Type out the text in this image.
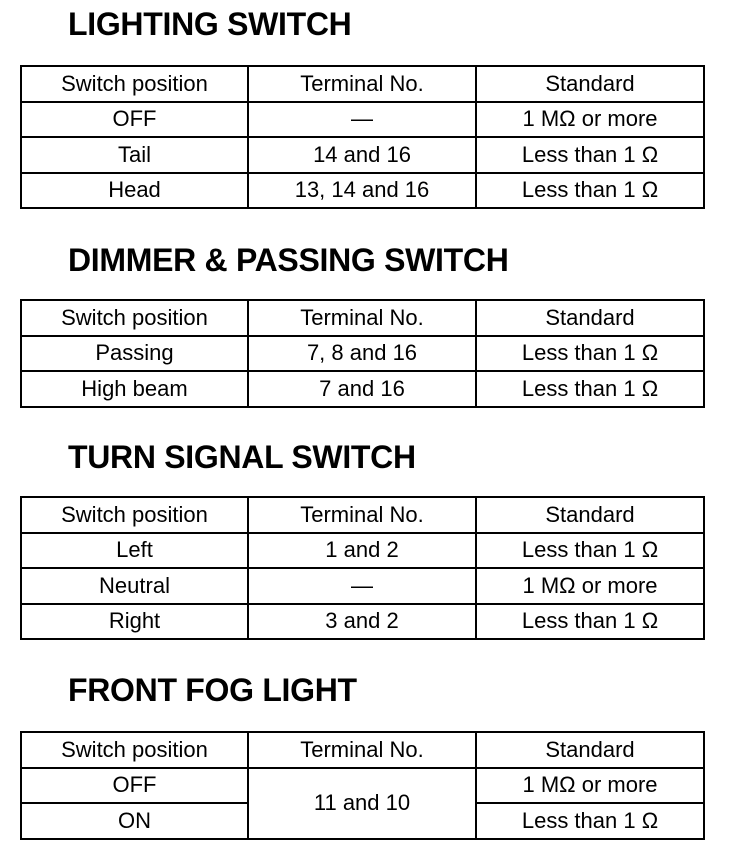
LIGHTING SWITCH
Switch position	Terminal No.	Standard
OFF	—	1 MΩ or more
Tail	14 and 16	Less than 1 Ω
Head	13, 14 and 16	Less than 1 Ω
DIMMER & PASSING SWITCH
Switch position	Terminal No.	Standard
Passing	7, 8 and 16	Less than 1 Ω
High beam	7 and 16	Less than 1 Ω
TURN SIGNAL SWITCH
Switch position	Terminal No.	Standard
Left	1 and 2	Less than 1 Ω
Neutral	—	1 MΩ or more
Right	3 and 2	Less than 1 Ω
FRONT FOG LIGHT
Switch position	Terminal No.	Standard
OFF	11 and 10	1 MΩ or more
ON		Less than 1 Ω
